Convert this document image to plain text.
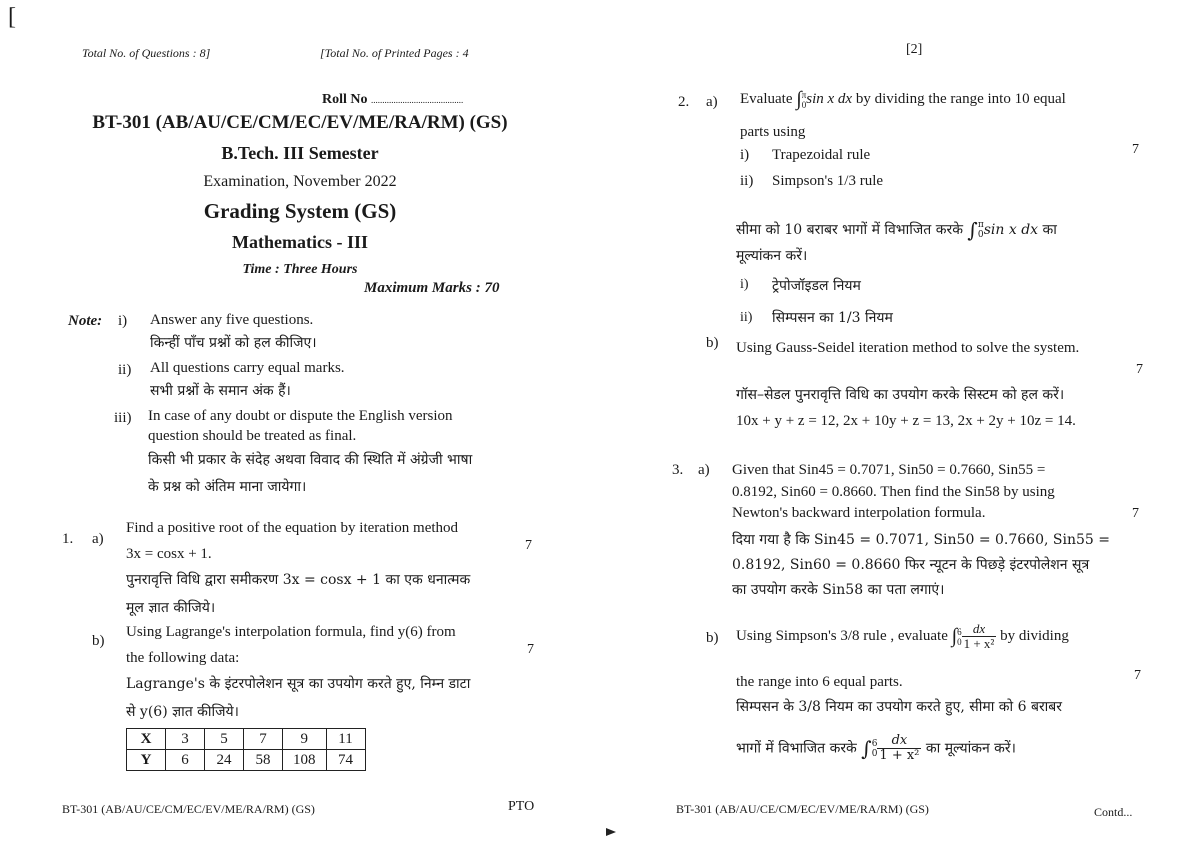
[
Total No. of Questions : 8]	[Total No. of Printed Pages : 4
Roll No .........................................
BT-301 (AB/AU/CE/CM/EC/EV/ME/RA/RM) (GS)
B.Tech. III Semester
Examination, November 2022
Grading System (GS)
Mathematics - III
Time : Three Hours
Maximum Marks : 70
Note: i) Answer any five questions.
किन्हीं पाँच प्रश्नों को हल कीजिए।
ii) All questions carry equal marks.
सभी प्रश्नों के समान अंक हैं।
iii) In case of any doubt or dispute the English version
question should be treated as final.
किसी भी प्रकार के संदेह अथवा विवाद की स्थिति में अंग्रेजी भाषा
के प्रश्न को अंतिम माना जायेगा।
1. a)
Find a positive root of the equation by iteration method
3x = cosx + 1.
7
पुनरावृत्ति विधि द्वारा समीकरण 3x = cosx + 1 का एक धनात्मक
मूल ज्ञात कीजिये।
b)
Using Lagrange's interpolation formula, find y(6) from
the following data:
7
Lagrange's के इंटरपोलेशन सूत्र का उपयोग करते हुए, निम्न डाटा
से y(6) ज्ञात कीजिये।
X	3	5	7	9	11
Y	6	24	58	108	74
BT-301 (AB/AU/CE/CM/EC/EV/ME/RA/RM) (GS)	PTO
[2]
2. a) Evaluate ∫ π
0 sin x dx by dividing the range into 10 equal
parts using
7
i) Trapezoidal rule
ii) Simpson's 1/3 rule
सीमा को 10 बराबर भागों में विभाजित करके ∫ π
0 sin x dx का
मूल्यांकन करें।
i) ट्रेपोजॉइडल नियम
ii) सिम्पसन का 1/3 नियम
b) Using Gauss-Seidel iteration method to solve the system.
7
गॉस–सेडल पुनरावृत्ति विधि का उपयोग करके सिस्टम को हल करें।
10x + y + z = 12, 2x + 10y + z = 13, 2x + 2y + 10z = 14.
3. a) Given that Sin45 = 0.7071, Sin50 = 0.7660, Sin55 =
0.8192, Sin60 = 0.8660. Then find the Sin58 by using
Newton's backward interpolation formula.	7
दिया गया है कि Sin45 = 0.7071, Sin50 = 0.7660, Sin55 =
0.8192, Sin60 = 0.8660 फिर न्यूटन के पिछड़े इंटरपोलेशन सूत्र
का उपयोग करके Sin58 का पता लगाएं।
b) Using Simpson's 3/8 rule , evaluate ∫ 6
$0 \frac{dx}{\text{1 + x²}}$ by dividing
the range into 6 equal parts.	7
सिम्पसन के 3/8 नियम का उपयोग करते हुए, सीमा को 6 बराबर
भागों में विभाजित करके ∫ 6
$0 \frac{dx}{\text{1 + x²}}$ का मूल्यांकन करें।
BT-301 (AB/AU/CE/CM/EC/EV/ME/RA/RM) (GS)	Contd...
